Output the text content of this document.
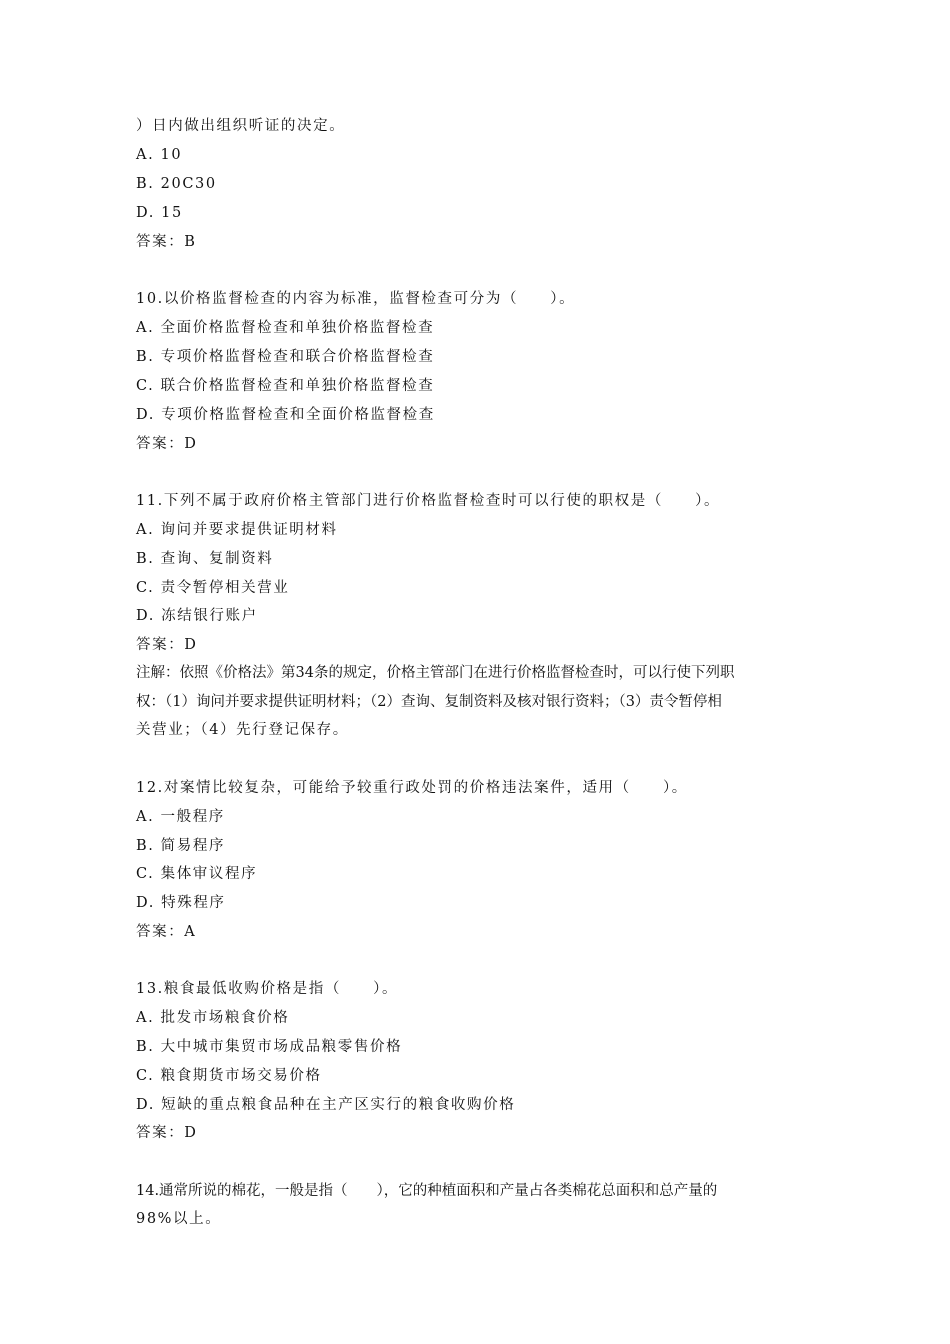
）日内做出组织听证的决定。
A. 10
B. 20C30
D. 15
答案：B
10.以价格监督检查的内容为标准，监督检查可分为（　　）。
A. 全面价格监督检查和单独价格监督检查
B. 专项价格监督检查和联合价格监督检查
C. 联合价格监督检查和单独价格监督检查
D. 专项价格监督检查和全面价格监督检查
答案：D
11.下列不属于政府价格主管部门进行价格监督检查时可以行使的职权是（　　）。
A. 询问并要求提供证明材料
B. 查询、复制资料
C. 责令暂停相关营业
D. 冻结银行账户
答案：D
注解：依照《价格法》第34条的规定，价格主管部门在进行价格监督检查时，可以行使下列职
权：（1）询问并要求提供证明材料；（2）查询、复制资料及核对银行资料；（3）责令暂停相
关营业；（4）先行登记保存。
12.对案情比较复杂，可能给予较重行政处罚的价格违法案件，适用（　　）。
A. 一般程序
B. 简易程序
C. 集体审议程序
D. 特殊程序
答案：A
13.粮食最低收购价格是指（　　）。
A. 批发市场粮食价格
B. 大中城市集贸市场成品粮零售价格
C. 粮食期货市场交易价格
D. 短缺的重点粮食品种在主产区实行的粮食收购价格
答案：D
14.通常所说的棉花，一般是指（　　），它的种植面积和产量占各类棉花总面积和总产量的
98%以上。
